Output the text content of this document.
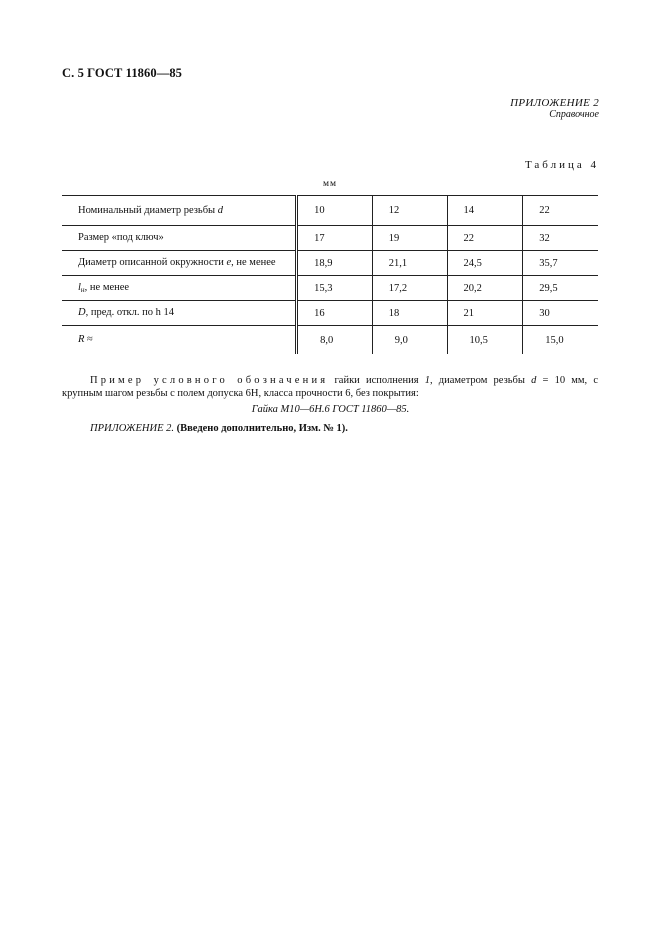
С. 5 ГОСТ 11860—85
ПРИЛОЖЕНИЕ 2
Справочное
Таблица 4
мм
Номинальный диаметр резьбы d	10	12	14	22
Размер «под ключ»	17	19	22	32
Диаметр описанной окружности e, не менее	18,9	21,1	24,5	35,7
$l_н$, не менее	15,3	17,2	20,2	29,5
D, пред. откл. по h 14	16	18	21	30
R ≈	8,0	9,0	10,5	15,0
Пример условного обозначения гайки исполнения 1, диаметром резьбы d = 10 мм, с крупным шагом резьбы с полем допуска 6Н, класса прочности 6, без покрытия:
Гайка М10—6Н.6 ГОСТ 11860—85.
ПРИЛОЖЕНИЕ 2. (Введено дополнительно, Изм. № 1).
